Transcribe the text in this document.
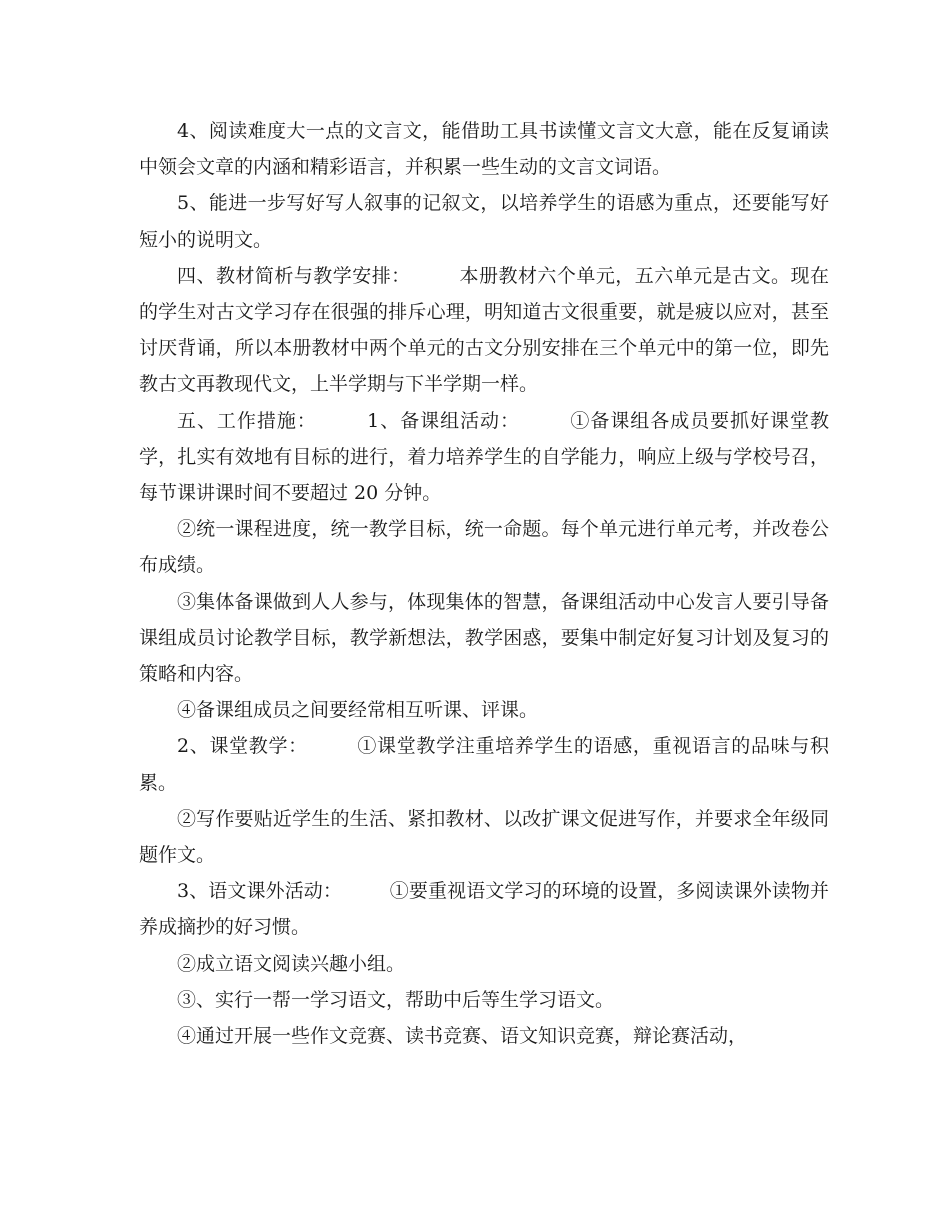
4、阅读难度大一点的文言文，能借助工具书读懂文言文大意，能在反复诵读中领会文章的内涵和精彩语言，并积累一些生动的文言文词语。

5、能进一步写好写人叙事的记叙文，以培养学生的语感为重点，还要能写好短小的说明文。

四、教材简析与教学安排：　　　本册教材六个单元，五六单元是古文。现在的学生对古文学习存在很强的排斥心理，明知道古文很重要，就是疲以应对，甚至讨厌背诵，所以本册教材中两个单元的古文分别安排在三个单元中的第一位，即先教古文再教现代文，上半学期与下半学期一样。

五、工作措施：　　　1、备课组活动：　　　①备课组各成员要抓好课堂教学，扎实有效地有目标的进行，着力培养学生的自学能力，响应上级与学校号召，每节课讲课时间不要超过 20 分钟。

②统一课程进度，统一教学目标，统一命题。每个单元进行单元考，并改卷公布成绩。

③集体备课做到人人参与，体现集体的智慧，备课组活动中心发言人要引导备课组成员讨论教学目标，教学新想法，教学困惑，要集中制定好复习计划及复习的策略和内容。

④备课组成员之间要经常相互听课、评课。

2、课堂教学：　　　①课堂教学注重培养学生的语感，重视语言的品味与积累。

②写作要贴近学生的生活、紧扣教材、以改扩课文促进写作，并要求全年级同题作文。

3、语文课外活动：　　　①要重视语文学习的环境的设置，多阅读课外读物并养成摘抄的好习惯。

②成立语文阅读兴趣小组。

③、实行一帮一学习语文，帮助中后等生学习语文。

④通过开展一些作文竞赛、读书竞赛、语文知识竞赛，辩论赛活动，
